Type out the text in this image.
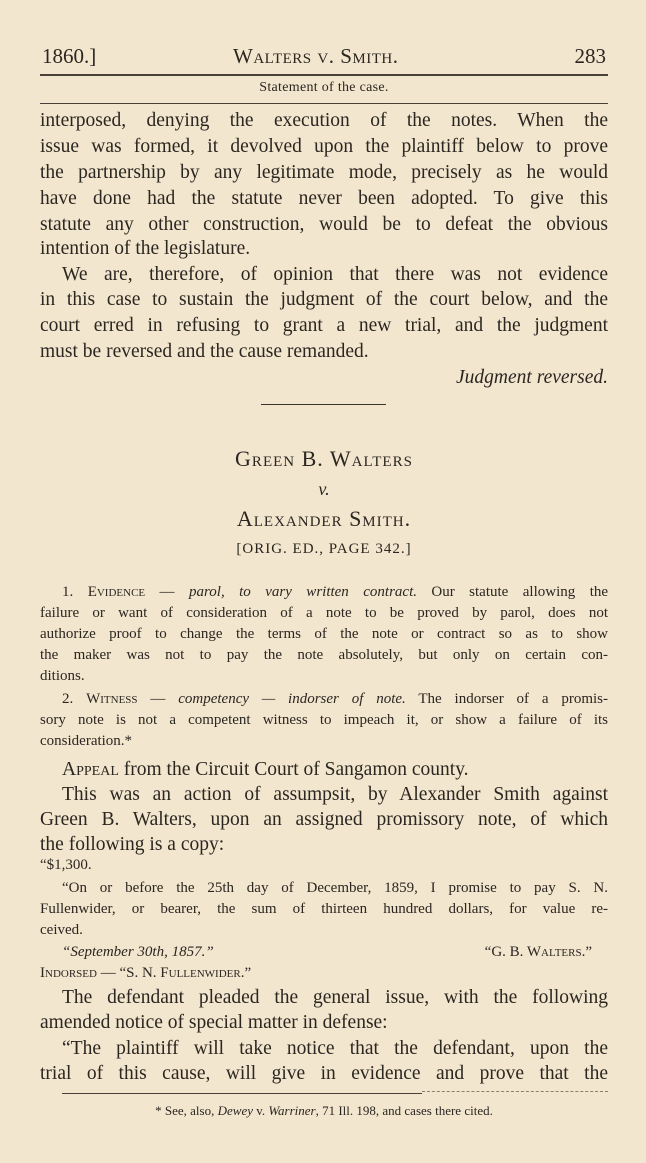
1860.]	Walters v. Smith.	283
Statement of the case.
interposed, denying the execution of the notes. When the
issue was formed, it devolved upon the plaintiff below to prove
the partnership by any legitimate mode, precisely as he would
have done had the statute never been adopted. To give this
statute any other construction, would be to defeat the obvious
intention of the legislature.
We are, therefore, of opinion that there was not evidence
in this case to sustain the judgment of the court below, and the
court erred in refusing to grant a new trial, and the judgment
must be reversed and the cause remanded.
Judgment reversed.
Green B. Walters
v.
Alexander Smith.
[ORIG. ED., PAGE 342.]
1. Evidence — parol, to vary written contract. Our statute allowing the
failure or want of consideration of a note to be proved by parol, does not
authorize proof to change the terms of the note or contract so as to show
the maker was not to pay the note absolutely, but only on certain con-
ditions.
2. Witness — competency — indorser of note. The indorser of a promis-
sory note is not a competent witness to impeach it, or show a failure of its
consideration.*
Appeal from the Circuit Court of Sangamon county.
This was an action of assumpsit, by Alexander Smith against
Green B. Walters, upon an assigned promissory note, of which
the following is a copy:
“$1,300.
“On or before the 25th day of December, 1859, I promise to pay S. N.
Fullenwider, or bearer, the sum of thirteen hundred dollars, for value re-
ceived.
“September 30th, 1857.”	“G. B. Walters.”
Indorsed — “S. N. Fullenwider.”
The defendant pleaded the general issue, with the following
amended notice of special matter in defense:
“The plaintiff will take notice that the defendant, upon the
trial of this cause, will give in evidence and prove that the
* See, also, Dewey v. Warriner, 71 Ill. 198, and cases there cited.
